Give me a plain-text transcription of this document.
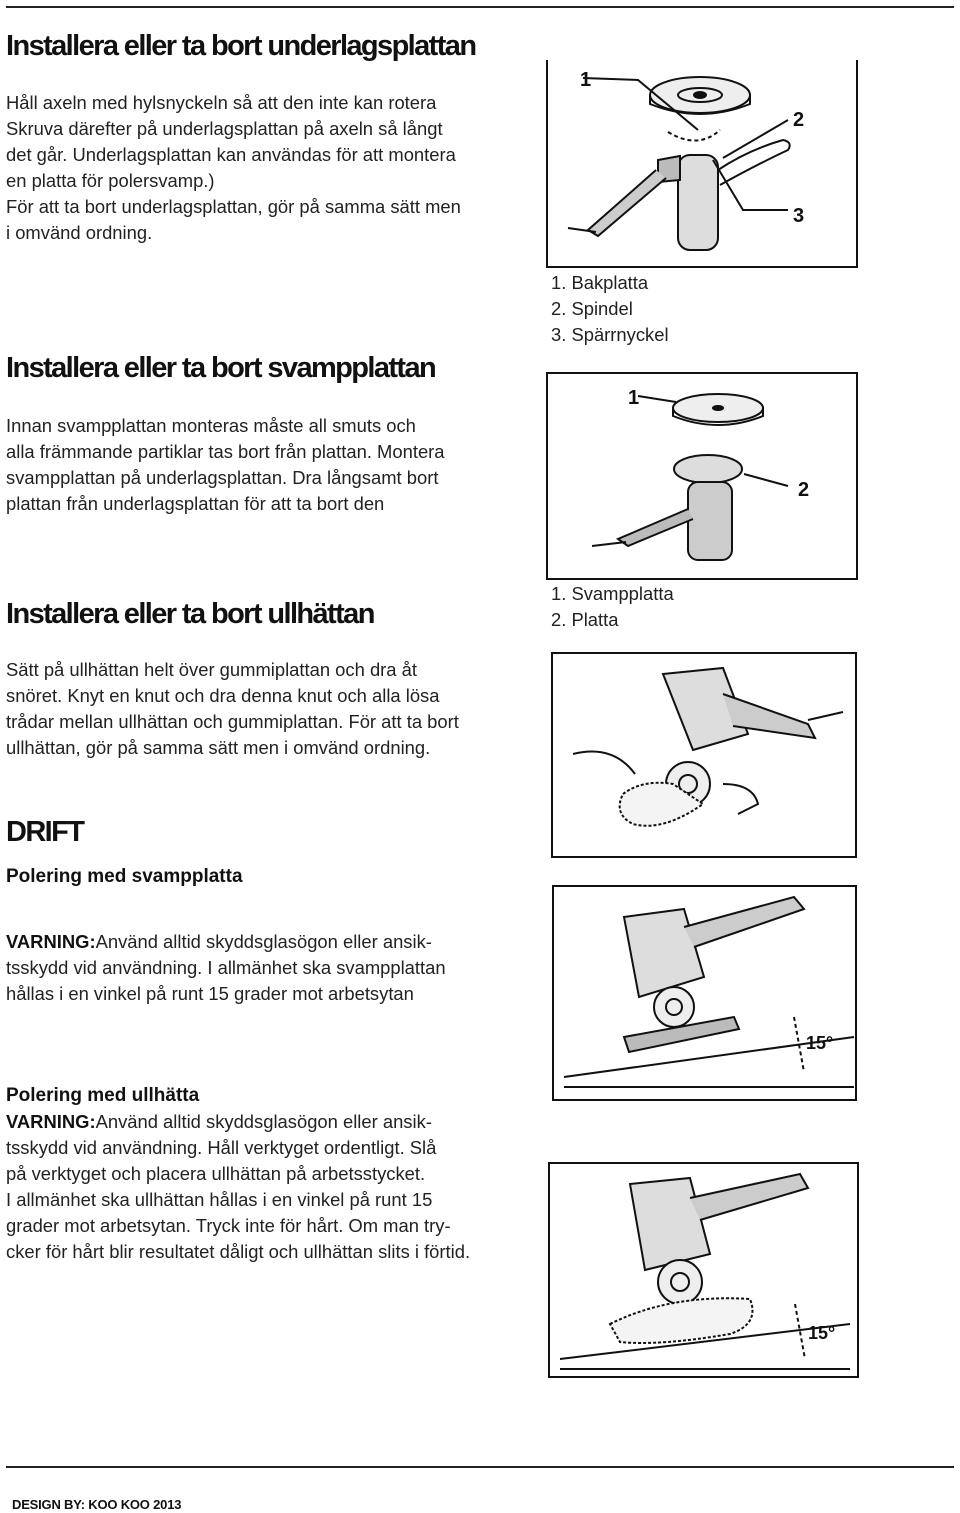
Installera eller ta bort underlagsplattan

Håll axeln med hylsnyckeln så att den inte kan rotera

Skruva därefter på underlagsplattan på axeln så långt

det går. Underlagsplattan kan användas för att montera

en platta för polersvamp.)

För att ta bort underlagsplattan, gör på samma sätt men

i omvänd ordning.

Installera eller ta bort svampplattan

Innan svampplattan monteras måste all smuts och

alla främmande partiklar tas bort från plattan. Montera

svampplattan på underlagsplattan. Dra långsamt bort

plattan från underlagsplattan för att ta bort den

Installera eller ta bort ullhättan

Sätt på ullhättan helt över gummiplattan och dra åt

snöret. Knyt en knut och dra denna knut och alla lösa

trådar mellan ullhättan och gummiplattan. För att ta bort

ullhättan, gör på samma sätt men i omvänd ordning.

DRIFT
Polering med svampplatta

VARNING:Använd alltid skyddsglasögon eller ansik-

tsskydd vid användning. I allmänhet ska svampplattan

hållas i en vinkel på runt 15 grader mot arbetsytan

Polering med ullhätta

VARNING:Använd alltid skyddsglasögon eller ansik-

tsskydd vid användning. Håll verktyget ordentligt. Slå

på verktyget och placera ullhättan på arbetsstycket.

I allmänhet ska ullhättan hållas i en vinkel på runt 15

grader mot arbetsytan. Tryck inte för hårt. Om man try-

cker för hårt blir resultatet dåligt och ullhättan slits i förtid.

1
2
3
1. Bakplatta
2. Spindel
3. Spärrnyckel
1
2
1. Svampplatta
2. Platta
15°
15°
DESIGN BY: KOO KOO 2013
